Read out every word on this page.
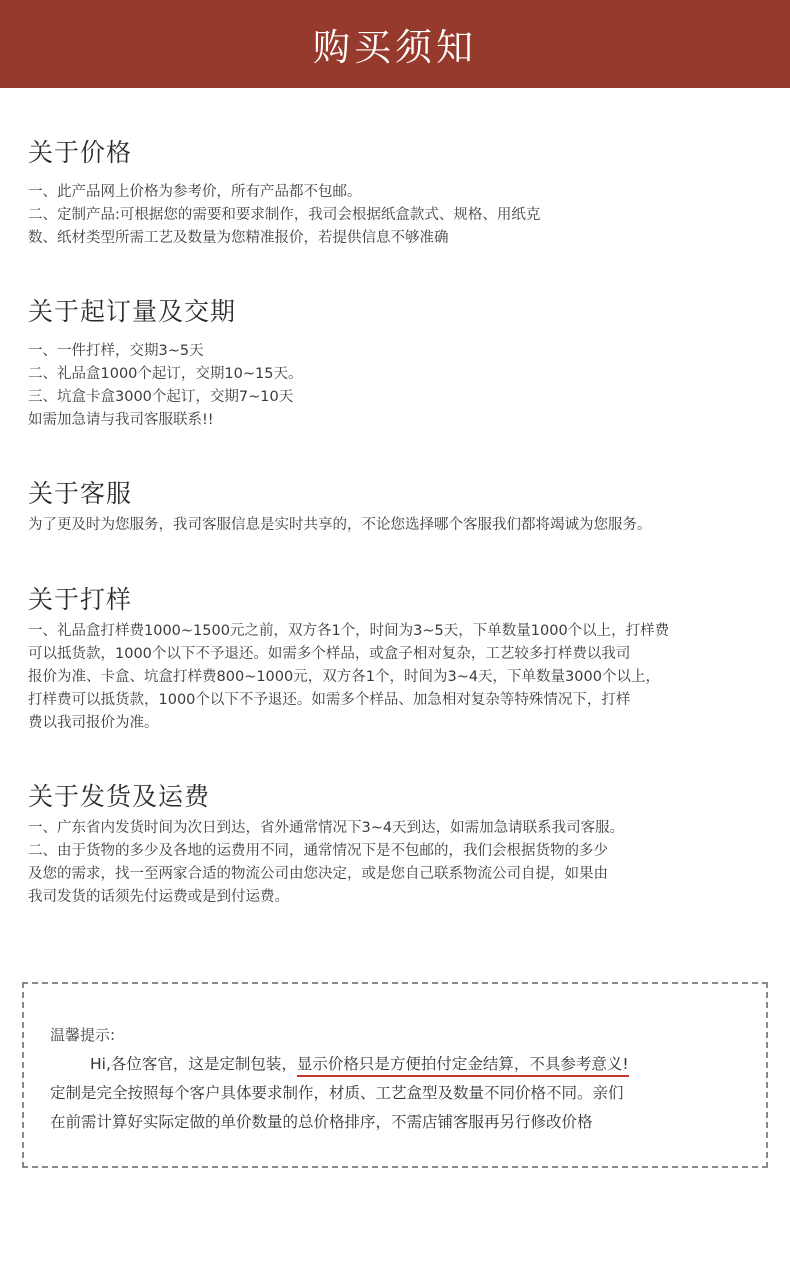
购买须知
关于价格
一、此产品网上价格为参考价，所有产品都不包邮。
二、定制产品:可根据您的需要和要求制作，我司会根据纸盒款式、规格、用纸克
数、纸材类型所需工艺及数量为您精准报价，若提供信息不够准确
关于起订量及交期
一、一件打样，交期3~5天
二、礼品盒1000个起订，交期10~15天。
三、坑盒卡盒3000个起订，交期7~10天
如需加急请与我司客服联系!!
关于客服
为了更及时为您服务，我司客服信息是实时共享的，不论您选择哪个客服我们都将竭诚为您服务。
关于打样
一、礼品盒打样费1000~1500元之前，双方各1个，时间为3~5天，下单数量1000个以上，打样费
可以抵货款，1000个以下不予退还。如需多个样品，或盒子相对复杂，工艺较多打样费以我司
报价为准、卡盒、坑盒打样费800~1000元，双方各1个，时间为3~4天，下单数量3000个以上，
打样费可以抵货款，1000个以下不予退还。如需多个样品、加急相对复杂等特殊情况下，打样
费以我司报价为准。
关于发货及运费
一、广东省内发货时间为次日到达，省外通常情况下3~4天到达，如需加急请联系我司客服。
二、由于货物的多少及各地的运费用不同，通常情况下是不包邮的，我们会根据货物的多少
及您的需求，找一至两家合适的物流公司由您决定，或是您自己联系物流公司自提，如果由
我司发货的话须先付运费或是到付运费。
温馨提示:
Hi,各位客官，这是定制包装，显示价格只是方便拍付定金结算，不具参考意义!
定制是完全按照每个客户具体要求制作，材质、工艺盒型及数量不同价格不同。亲们
在前需计算好实际定做的单价数量的总价格排序，不需店铺客服再另行修改价格
